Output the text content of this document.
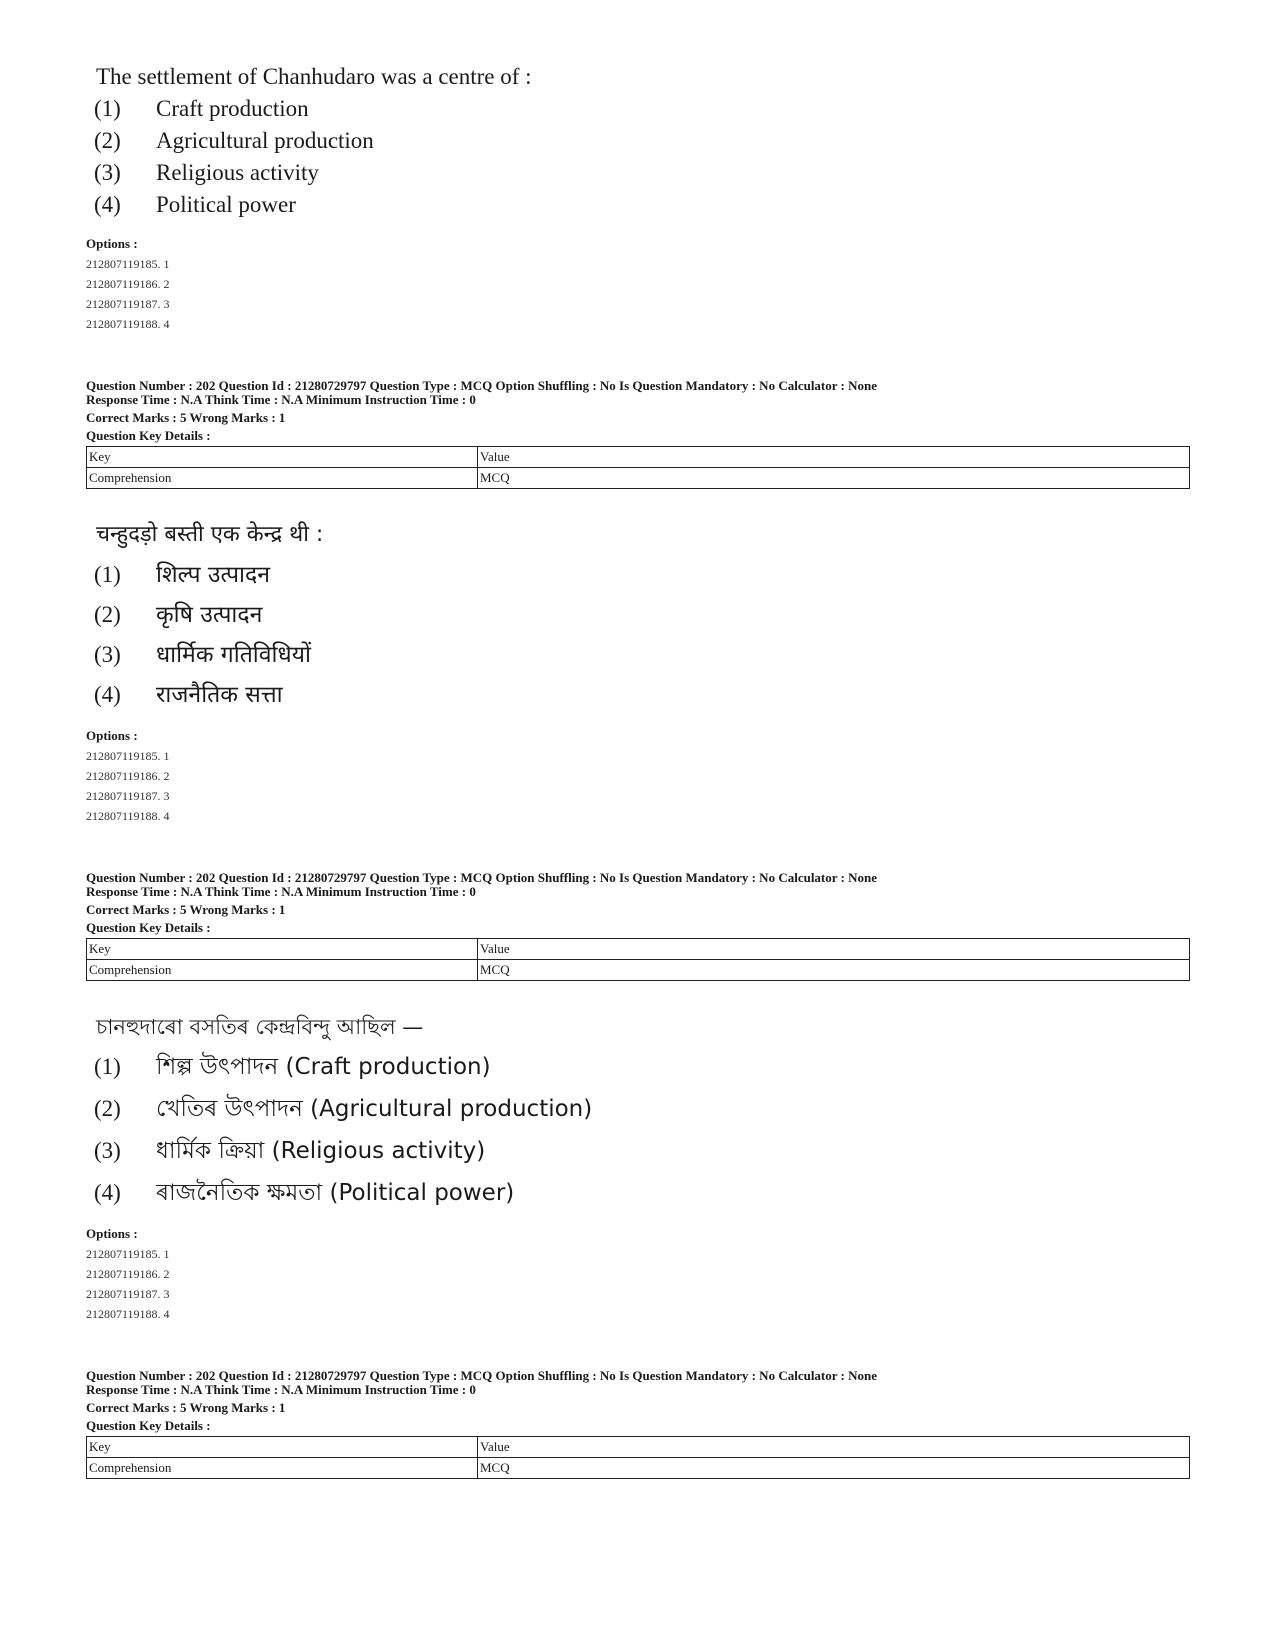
The settlement of Chanhudaro was a centre of :
(1) Craft production
(2) Agricultural production
(3) Religious activity
(4) Political power
Options :
212807119185. 1
212807119186. 2
212807119187. 3
212807119188. 4
Question Number : 202 Question Id : 21280729797 Question Type : MCQ Option Shuffling : No Is Question Mandatory : No Calculator : None
Response Time : N.A Think Time : N.A Minimum Instruction Time : 0
Correct Marks : 5 Wrong Marks : 1
Question Key Details :
Key	Value
Comprehension	MCQ
चन्हुदड़ो बस्ती एक केन्द्र थी :
(1) शिल्प उत्पादन
(2) कृषि उत्पादन
(3) धार्मिक गतिविधियों
(4) राजनैतिक सत्ता
Options :
212807119185. 1
212807119186. 2
212807119187. 3
212807119188. 4
Question Number : 202 Question Id : 21280729797 Question Type : MCQ Option Shuffling : No Is Question Mandatory : No Calculator : None
Response Time : N.A Think Time : N.A Minimum Instruction Time : 0
Correct Marks : 5 Wrong Marks : 1
Question Key Details :
Key	Value
Comprehension	MCQ
চানহুদাৰো বসতিৰ কেন্দ্ৰবিন্দু আছিল —
(1) শিল্প উৎপাদন (Craft production)
(2) খেতিৰ উৎপাদন (Agricultural production)
(3) ধাৰ্মিক ক্ৰিয়া (Religious activity)
(4) ৰাজনৈতিক ক্ষমতা (Political power)
Options :
212807119185. 1
212807119186. 2
212807119187. 3
212807119188. 4
Question Number : 202 Question Id : 21280729797 Question Type : MCQ Option Shuffling : No Is Question Mandatory : No Calculator : None
Response Time : N.A Think Time : N.A Minimum Instruction Time : 0
Correct Marks : 5 Wrong Marks : 1
Question Key Details :
Key	Value
Comprehension	MCQ
